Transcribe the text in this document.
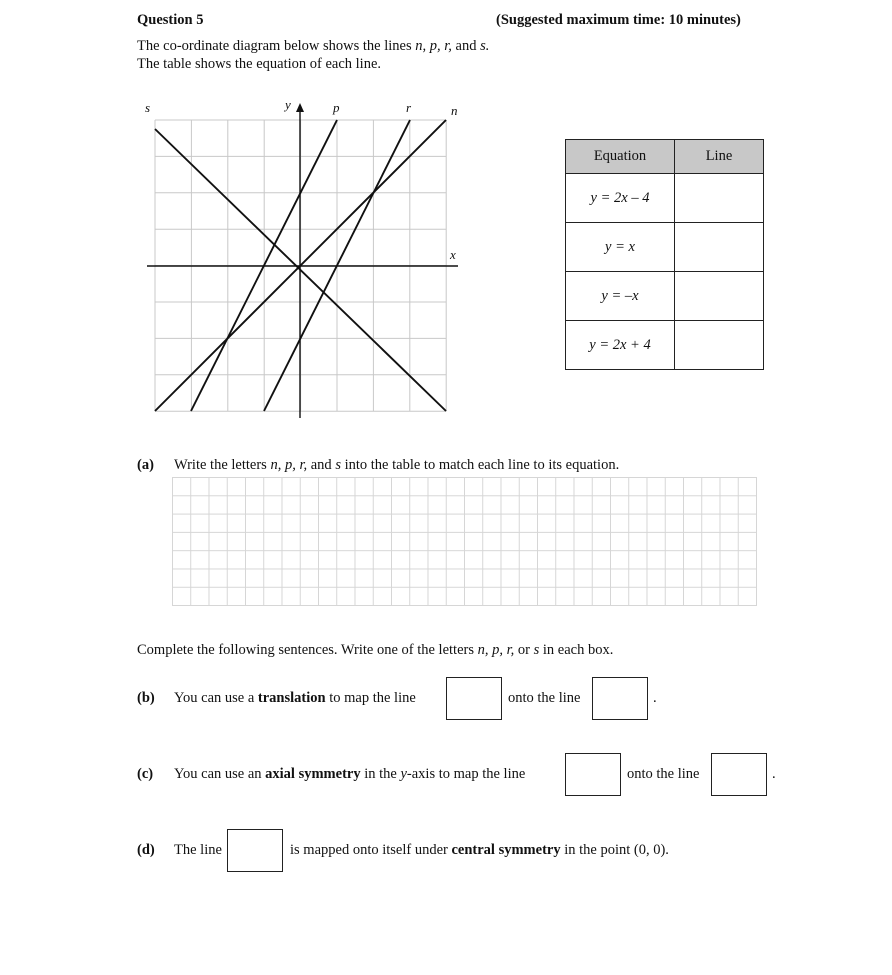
Question 5	(Suggested maximum time: 10 minutes)
The co-ordinate diagram below shows the lines n, p, r, and s.
The table shows the equation of each line.
s	p	r	n
y
x
Equation	Line
y = 2x – 4	
y = x	
y = –x	
y = 2x + 4	
(a) Write the letters n, p, r, and s into the table to match each line to its equation.
Complete the following sentences. Write one of the letters n, p, r, or s in each box.
(b) You can use a translation to map the line	onto the line	.
(c) You can use an axial symmetry in the y-axis to map the line	onto the line	.
(d) The line	is mapped onto itself under central symmetry in the point (0, 0).
